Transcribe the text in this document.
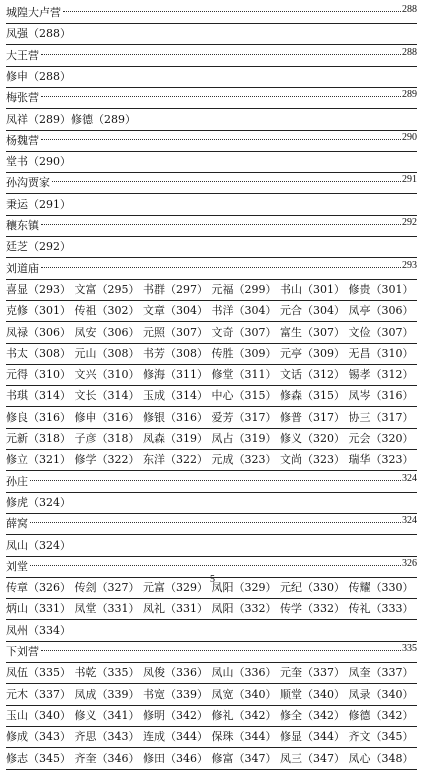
城隍大卢营	288
凤强（288）
大王营	288
修申（288）
梅张营	289
凤祥（289）修德（289）
杨魏营	290
堂书（290）
孙沟贾家	291
秉运（291）
穰东镇	292
廷芝（292）
刘道庙	293
喜显（293） 文富（295） 书群（297） 元福（299） 书山（301） 修贵（301）
克修（301） 传祖（302） 文章（304） 书洋（304） 元合（304） 凤亭（306）
凤禄（306） 凤安（306） 元照（307） 文奇（307） 富生（307） 文俭（307）
书太（308） 元山（308） 书芳（308） 传胜（309） 元亭（309） 无昌（310）
元得（310） 文兴（310） 修海（311） 修堂（311） 文话（312） 锡孝（312）
书琪（314） 文长（314） 玉成（314） 中心（315） 修森（315） 凤岑（316）
修良（316） 修申（316） 修银（316） 爱芳（317） 修普（317） 协三（317）
元新（318） 子彦（318） 凤森（319） 凤占（319） 修义（320） 元会（320）
修立（321） 修学（322） 东洋（322） 元成（323） 文尚（323） 瑞华（323）
孙庄	324
修虎（324）
薛窝	324
凤山（324）
刘堂	326
传章（326） 传刽（327） 元富（329） 凤阳（329） 元纪（330） 传耀（330）
炳山（331） 凤堂（331） 凤礼（331） 凤阳（332） 传学（332） 传礼（333）
凤州（334）
下刘营	335
凤伍（335） 书乾（335） 凤俊（336） 凤山（336） 元奎（337） 凤奎（337）
元木（337） 凤成（339） 书宽（339） 凤宽（340） 顺堂（340） 凤录（340）
玉山（340） 修义（341） 修明（342） 修礼（342） 修全（342） 修德（342）
修成（343） 齐思（343） 连成（344） 保珠（344） 修显（344） 齐文（345）
修志（345） 齐奎（346） 修田（346） 修富（347） 凤三（347） 凤心（348）
5
